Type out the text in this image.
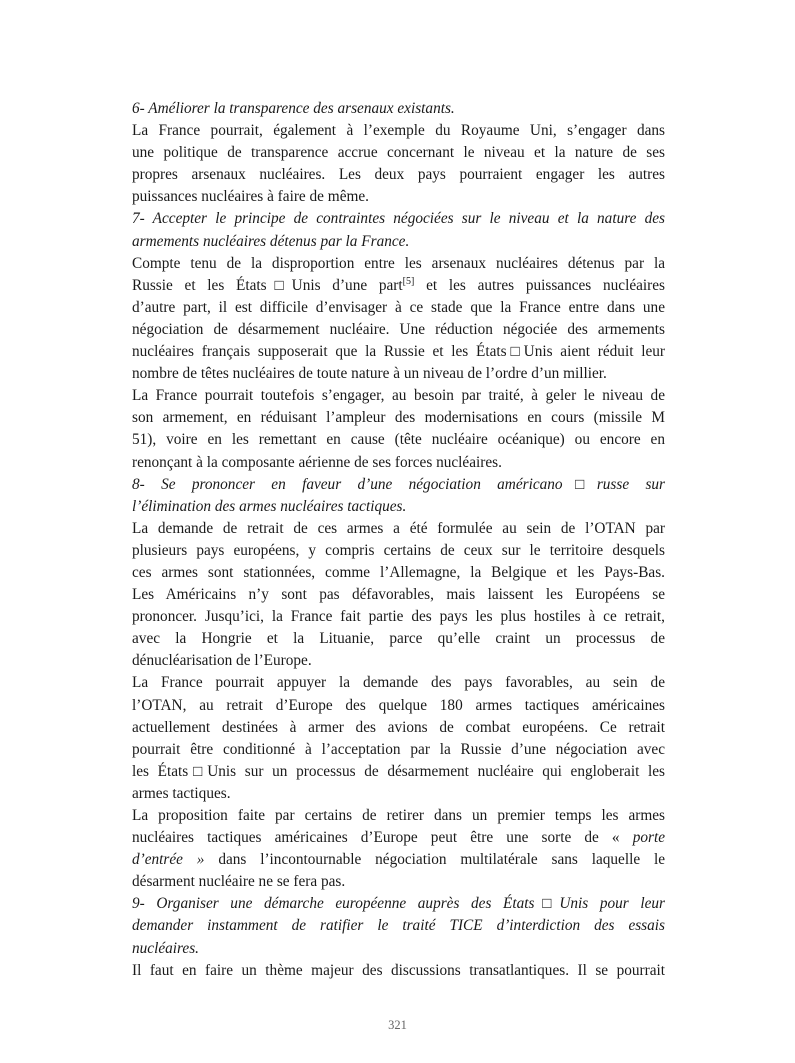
6- Améliorer la transparence des arsenaux existants.
La France pourrait, également à l’exemple du Royaume Uni, s’engager dans
une politique de transparence accrue concernant le niveau et la nature de ses
propres arsenaux nucléaires. Les deux pays pourraient engager les autres
puissances nucléaires à faire de même.
7- Accepter le principe de contraintes négociées sur le niveau et la nature des
armements nucléaires détenus par la France.
Compte tenu de la disproportion entre les arsenaux nucléaires détenus par la
Russie et les États□Unis d’une part[5] et les autres puissances nucléaires
d’autre part, il est difficile d’envisager à ce stade que la France entre dans une
négociation de désarmement nucléaire. Une réduction négociée des armements
nucléaires français supposerait que la Russie et les États□Unis aient réduit leur
nombre de têtes nucléaires de toute nature à un niveau de l’ordre d’un millier.
La France pourrait toutefois s’engager, au besoin par traité, à geler le niveau de
son armement, en réduisant l’ampleur des modernisations en cours (missile M
51), voire en les remettant en cause (tête nucléaire océanique) ou encore en
renonçant à la composante aérienne de ses forces nucléaires.
8- Se prononcer en faveur d’une négociation américano□russe sur
l’élimination des armes nucléaires tactiques.
La demande de retrait de ces armes a été formulée au sein de l’OTAN par
plusieurs pays européens, y compris certains de ceux sur le territoire desquels
ces armes sont stationnées, comme l’Allemagne, la Belgique et les Pays-Bas.
Les Américains n’y sont pas défavorables, mais laissent les Européens se
prononcer. Jusqu’ici, la France fait partie des pays les plus hostiles à ce retrait,
avec la Hongrie et la Lituanie, parce qu’elle craint un processus de
dénucléarisation de l’Europe.
La France pourrait appuyer la demande des pays favorables, au sein de
l’OTAN, au retrait d’Europe des quelque 180 armes tactiques américaines
actuellement destinées à armer des avions de combat européens. Ce retrait
pourrait être conditionné à l’acceptation par la Russie d’une négociation avec
les États□Unis sur un processus de désarmement nucléaire qui engloberait les
armes tactiques.
La proposition faite par certains de retirer dans un premier temps les armes
nucléaires tactiques américaines d’Europe peut être une sorte de « porte
d’entrée » dans l’incontournable négociation multilatérale sans laquelle le
désarment nucléaire ne se fera pas.
9- Organiser une démarche européenne auprès des États□Unis pour leur
demander instamment de ratifier le traité TICE d’interdiction des essais
nucléaires.
Il faut en faire un thème majeur des discussions transatlantiques. Il se pourrait
321
